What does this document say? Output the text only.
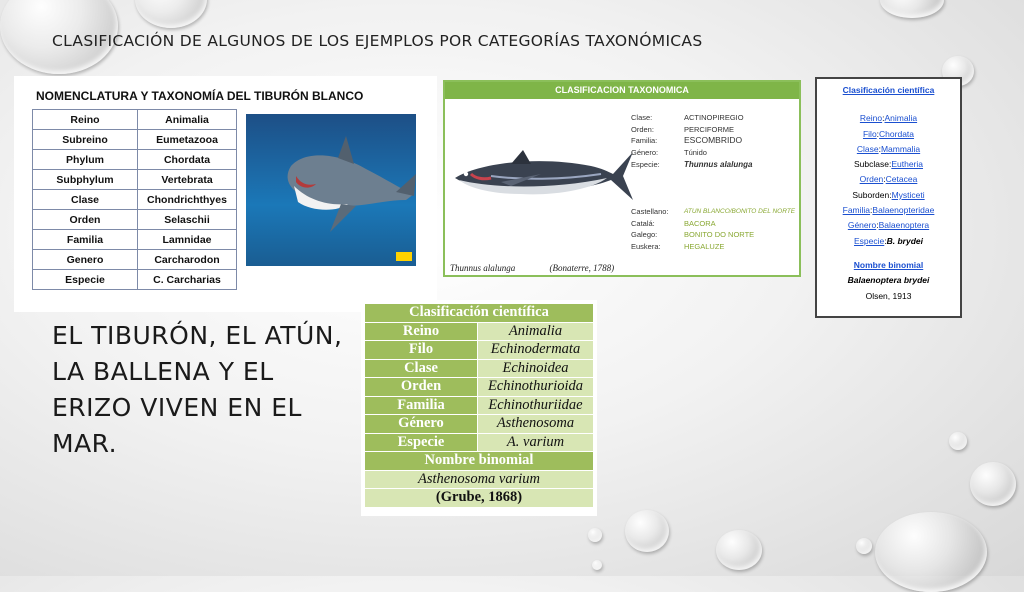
CLASIFICACIÓN DE ALGUNOS DE LOS EJEMPLOS POR CATEGORÍAS TAXONÓMICAS
NOMENCLATURA Y TAXONOMÍA DEL TIBURÓN BLANCO
Reino	Animalia
Subreino	Eumetazooa
Phylum	Chordata
Subphylum	Vertebrata
Clase	Chondrichthyes
Orden	Selaschii
Familia	Lamnidae
Genero	Carcharodon
Especie	C. Carcharias
CLASIFICACION TAXONOMICA
Clase:	ACTINOPIREGIO
Orden:	PERCIFORME
Familia:	ESCOMBRIDO
Género:	Túnido
Especie:	Thunnus alalunga
Castellano:	ATUN BLANCO/BONITO DEL NORTE
Catalá:	BACORA
Galego:	BONITO DO NORTE
Euskera:	HEGALUZE
Thunnus alalunga	(Bonaterre, 1788)
Clasificación científica
Reino:Animalia
Filo:Chordata
Clase:Mammalia
Subclase:Eutheria
Orden:Cetacea
Suborden:Mysticeti
Familia:Balaenopteridae
Género:Balaenoptera
Especie:B. brydei
Nombre binomial
Balaenoptera brydei
Olsen, 1913
EL TIBURÓN, EL ATÚN, LA BALLENA Y EL ERIZO VIVEN EN EL MAR.
Clasificación científica	
Reino	Animalia
Filo	Echinodermata
Clase	Echinoidea
Orden	Echinothurioida
Familia	Echinothuriidae
Género	Asthenosoma
Especie	A. varium
Nombre binomial	
Asthenosoma varium	
(Grube, 1868)	
